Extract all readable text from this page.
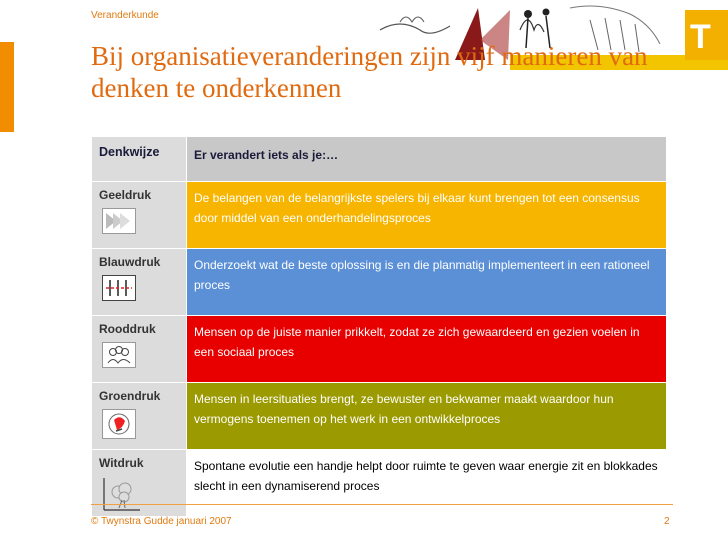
Veranderkunde
T
Bij organisatieveranderingen zijn vijf manieren van denken te onderkennen
Denkwijze	Er verandert iets als je:…
Geeldruk	De belangen van de belangrijkste spelers bij elkaar kunt brengen tot een consensus door middel van een onderhandelingsproces
Blauwdruk	Onderzoekt wat de beste oplossing is en die planmatig implementeert in een rationeel proces
Rooddruk	Mensen op de juiste manier prikkelt, zodat ze zich gewaardeerd en gezien voelen in een sociaal proces
Groendruk	Mensen in leersituaties brengt, ze bewuster en bekwamer maakt waardoor hun vermogens toenemen op het werk in een ontwikkelproces
Witdruk	Spontane evolutie een handje helpt door ruimte te geven waar energie zit en blokkades slecht in een dynamiserend proces
© Twynstra Gudde januari 2007	2
